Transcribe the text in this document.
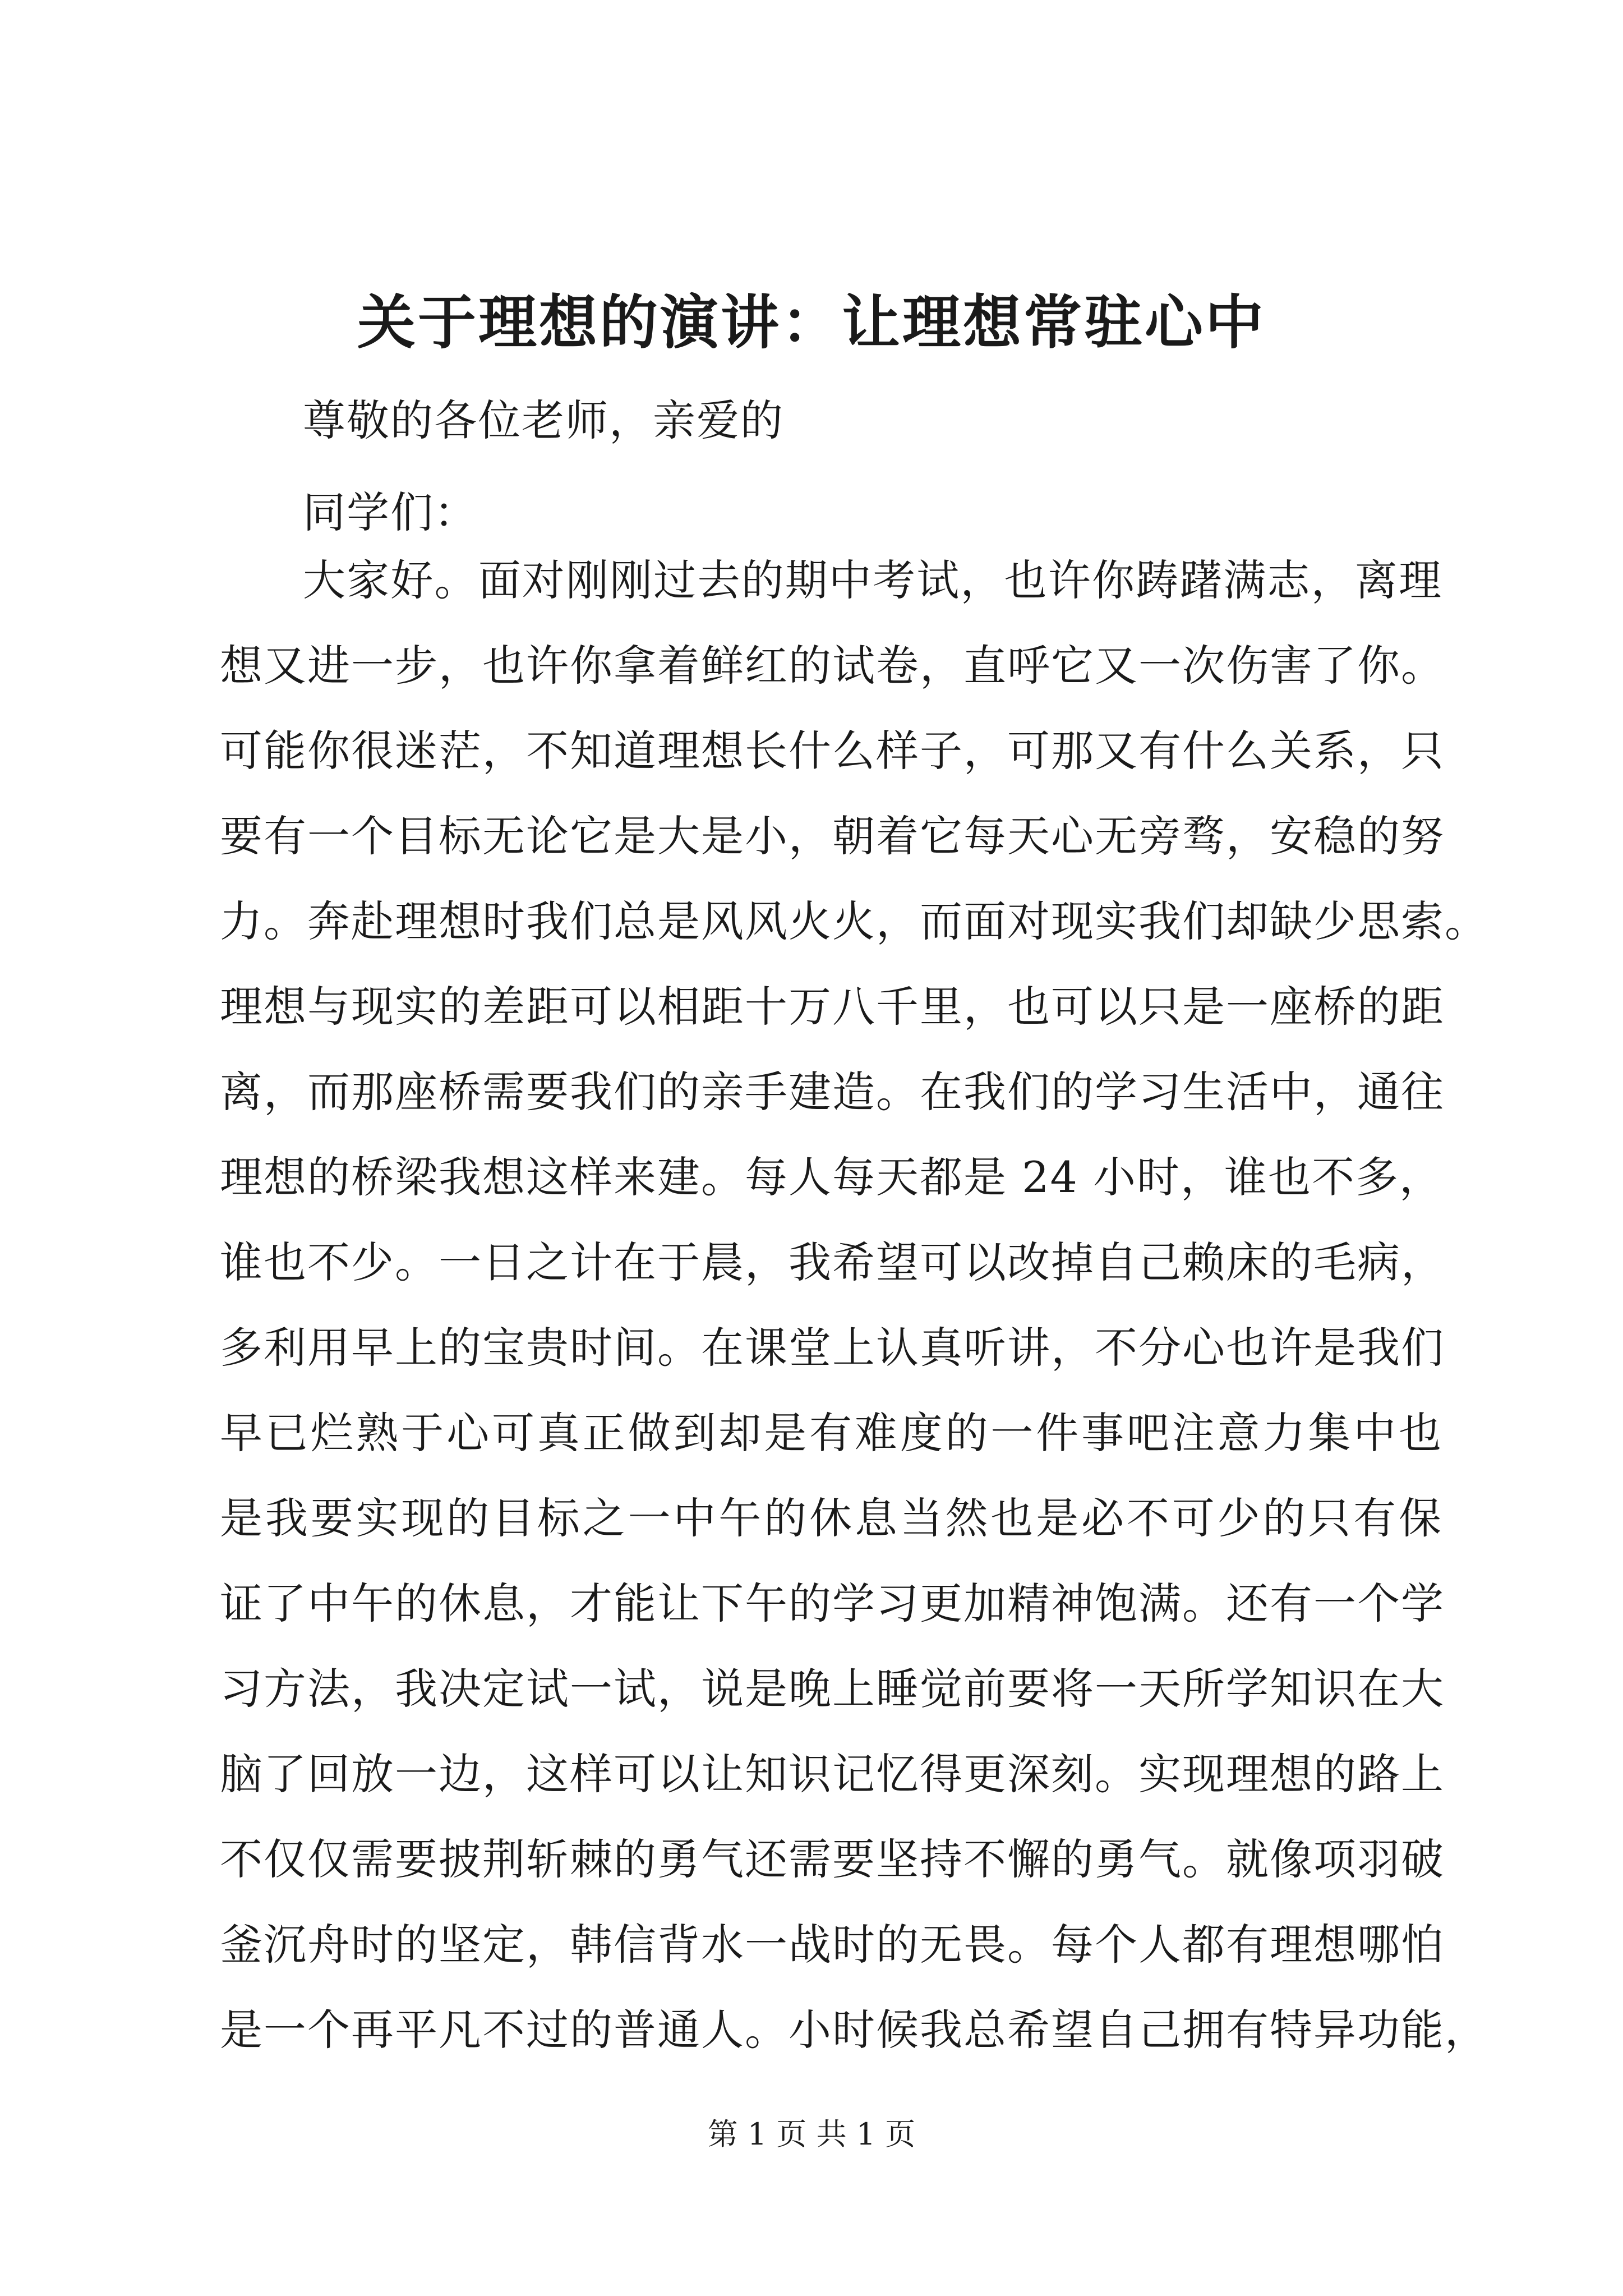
关于理想的演讲：让理想常驻心中
尊敬的各位老师，亲爱的
同学们：
大家好。面对刚刚过去的期中考试，也许你踌躇满志，离理
想又进一步，也许你拿着鲜红的试卷，直呼它又一次伤害了你。
可能你很迷茫，不知道理想长什么样子，可那又有什么关系，只
要有一个目标无论它是大是小，朝着它每天心无旁骛，安稳的努
力。奔赴理想时我们总是风风火火，而面对现实我们却缺少思索。
理想与现实的差距可以相距十万八千里，也可以只是一座桥的距
离，而那座桥需要我们的亲手建造。在我们的学习生活中，通往
理想的桥梁我想这样来建。每人每天都是 24 小时，谁也不多，
谁也不少。一日之计在于晨，我希望可以改掉自己赖床的毛病，
多利用早上的宝贵时间。在课堂上认真听讲，不分心也许是我们
早已烂熟于心可真正做到却是有难度的一件事吧注意力集中也
是我要实现的目标之一中午的休息当然也是必不可少的只有保
证了中午的休息，才能让下午的学习更加精神饱满。还有一个学
习方法，我决定试一试，说是晚上睡觉前要将一天所学知识在大
脑了回放一边，这样可以让知识记忆得更深刻。实现理想的路上
不仅仅需要披荆斩棘的勇气还需要坚持不懈的勇气。就像项羽破
釜沉舟时的坚定，韩信背水一战时的无畏。每个人都有理想哪怕
第 1 页 共 1 页
是一个再平凡不过的普通人。小时候我总希望自己拥有特异功能，
